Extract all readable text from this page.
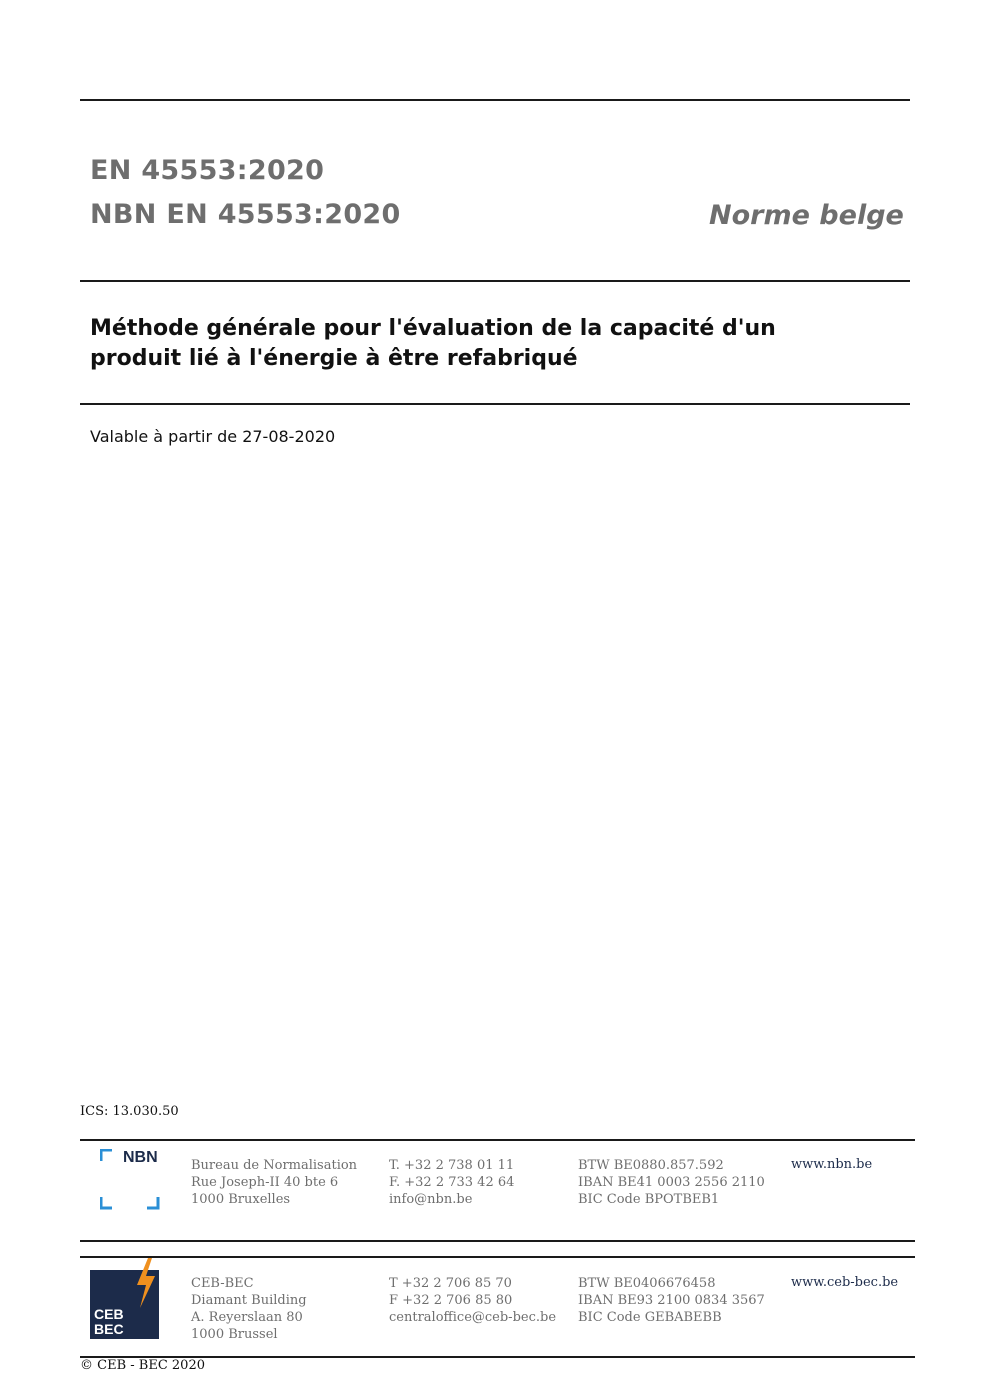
EN 45553:2020
NBN EN 45553:2020	Norme belge
Méthode générale pour l'évaluation de la capacité d'un
produit lié à l'énergie à être refabriqué
Valable à partir de 27-08-2020
ICS: 13.030.50
NBN	Bureau de Normalisation
Rue Joseph-II 40 bte 6
1000 Bruxelles
T. +32 2 738 01 11
F. +32 2 733 42 64
info@nbn.be
BTW BE0880.857.592
IBAN BE41 0003 2556 2110
BIC Code BPOTBEB1
www.nbn.be
CEB
BEC
CEB-BEC
Diamant Building
A. Reyerslaan 80
1000 Brussel
T +32 2 706 85 70
F +32 2 706 85 80
centraloffice@ceb-bec.be
BTW BE0406676458
IBAN BE93 2100 0834 3567
BIC Code GEBABEBB
www.ceb-bec.be
© CEB - BEC 2020
